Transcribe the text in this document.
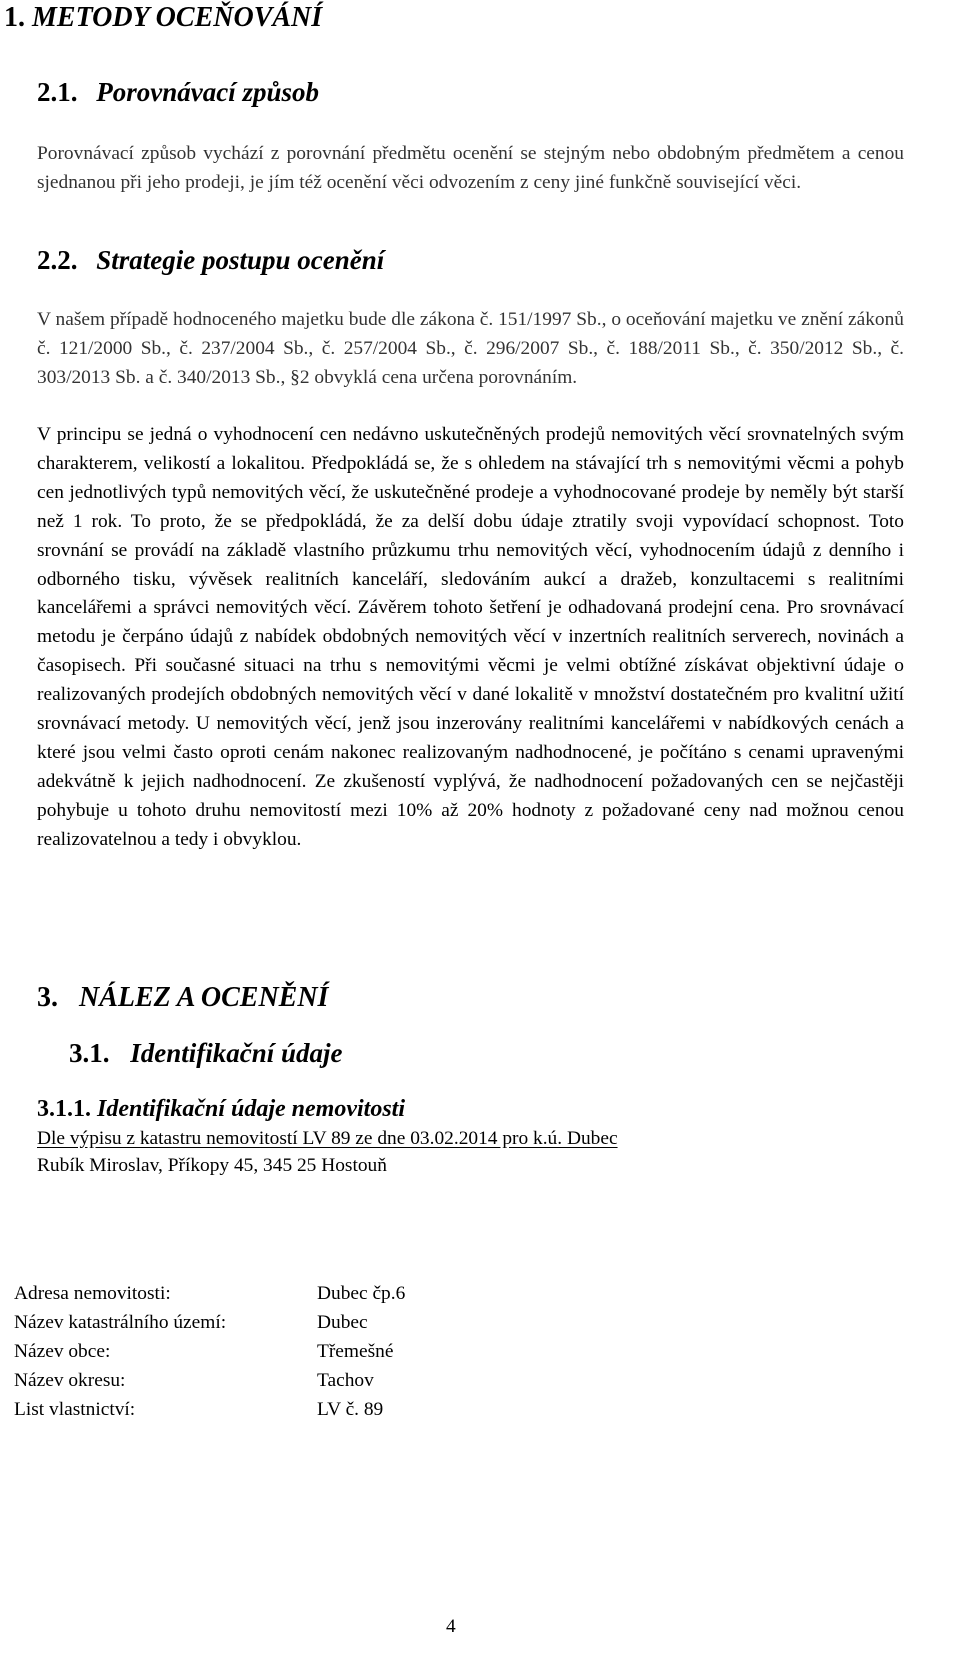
1. METODY OCEŇOVÁNÍ
2.1. Porovnávací způsob

Porovnávací způsob vychází z porovnání předmětu ocenění se stejným nebo obdobným předmětem a cenou sjednanou při jeho prodeji, je jím též ocenění věci odvozením z ceny jiné funkčně související věci.

2.2. Strategie postupu ocenění

V našem případě hodnoceného majetku bude dle zákona č. 151/1997 Sb., o oceňování majetku ve znění zákonů č. 121/2000 Sb., č. 237/2004 Sb., č. 257/2004 Sb., č. 296/2007 Sb., č. 188/2011 Sb., č. 350/2012 Sb., č. 303/2013 Sb. a č. 340/2013 Sb., §2 obvyklá cena určena porovnáním.

V principu se jedná o vyhodnocení cen nedávno uskutečněných prodejů nemovitých věcí srovnatelných svým charakterem, velikostí a lokalitou. Předpokládá se, že s ohledem na stávající trh s nemovitými věcmi a pohyb cen jednotlivých typů nemovitých věcí, že uskutečněné prodeje a vyhodnocované prodeje by neměly být starší než 1 rok. To proto, že se předpokládá, že za delší dobu údaje ztratily svoji vypovídací schopnost. Toto srovnání se provádí na základě vlastního průzkumu trhu nemovitých věcí, vyhodnocením údajů z denního i odborného tisku, vývěsek realitních kanceláří, sledováním aukcí a dražeb, konzultacemi s realitními kancelářemi a správci nemovitých věcí. Závěrem tohoto šetření je odhadovaná prodejní cena. Pro srovnávací metodu je čerpáno údajů z nabídek obdobných nemovitých věcí v inzertních realitních serverech, novinách a časopisech. Při současné situaci na trhu s nemovitými věcmi je velmi obtížné získávat objektivní údaje o realizovaných prodejích obdobných nemovitých věcí v dané lokalitě v množství dostatečném pro kvalitní užití srovnávací metody. U nemovitých věcí, jenž jsou inzerovány realitními kancelářemi v nabídkových cenách a které jsou velmi často oproti cenám nakonec realizovaným nadhodnocené, je počítáno s cenami upravenými adekvátně k jejich nadhodnocení. Ze zkušeností vyplývá, že nadhodnocení požadovaných cen se nejčastěji pohybuje u tohoto druhu nemovitostí mezi 10% až 20% hodnoty z požadované ceny nad možnou cenou realizovatelnou a tedy i obvyklou.

3. NÁLEZ A OCENĚNÍ
3.1. Identifikační údaje
3.1.1. Identifikační údaje nemovitosti

Dle výpisu z katastru nemovitostí LV 89 ze dne 03.02.2014 pro k.ú. Dubec

Rubík Miroslav, Příkopy 45, 345 25 Hostouň

Adresa nemovitosti:	Dubec čp.6
Název katastrálního území:	Dubec
Název obce:	Třemešné
Název okresu:	Tachov
List vlastnictví:	LV č. 89
4
